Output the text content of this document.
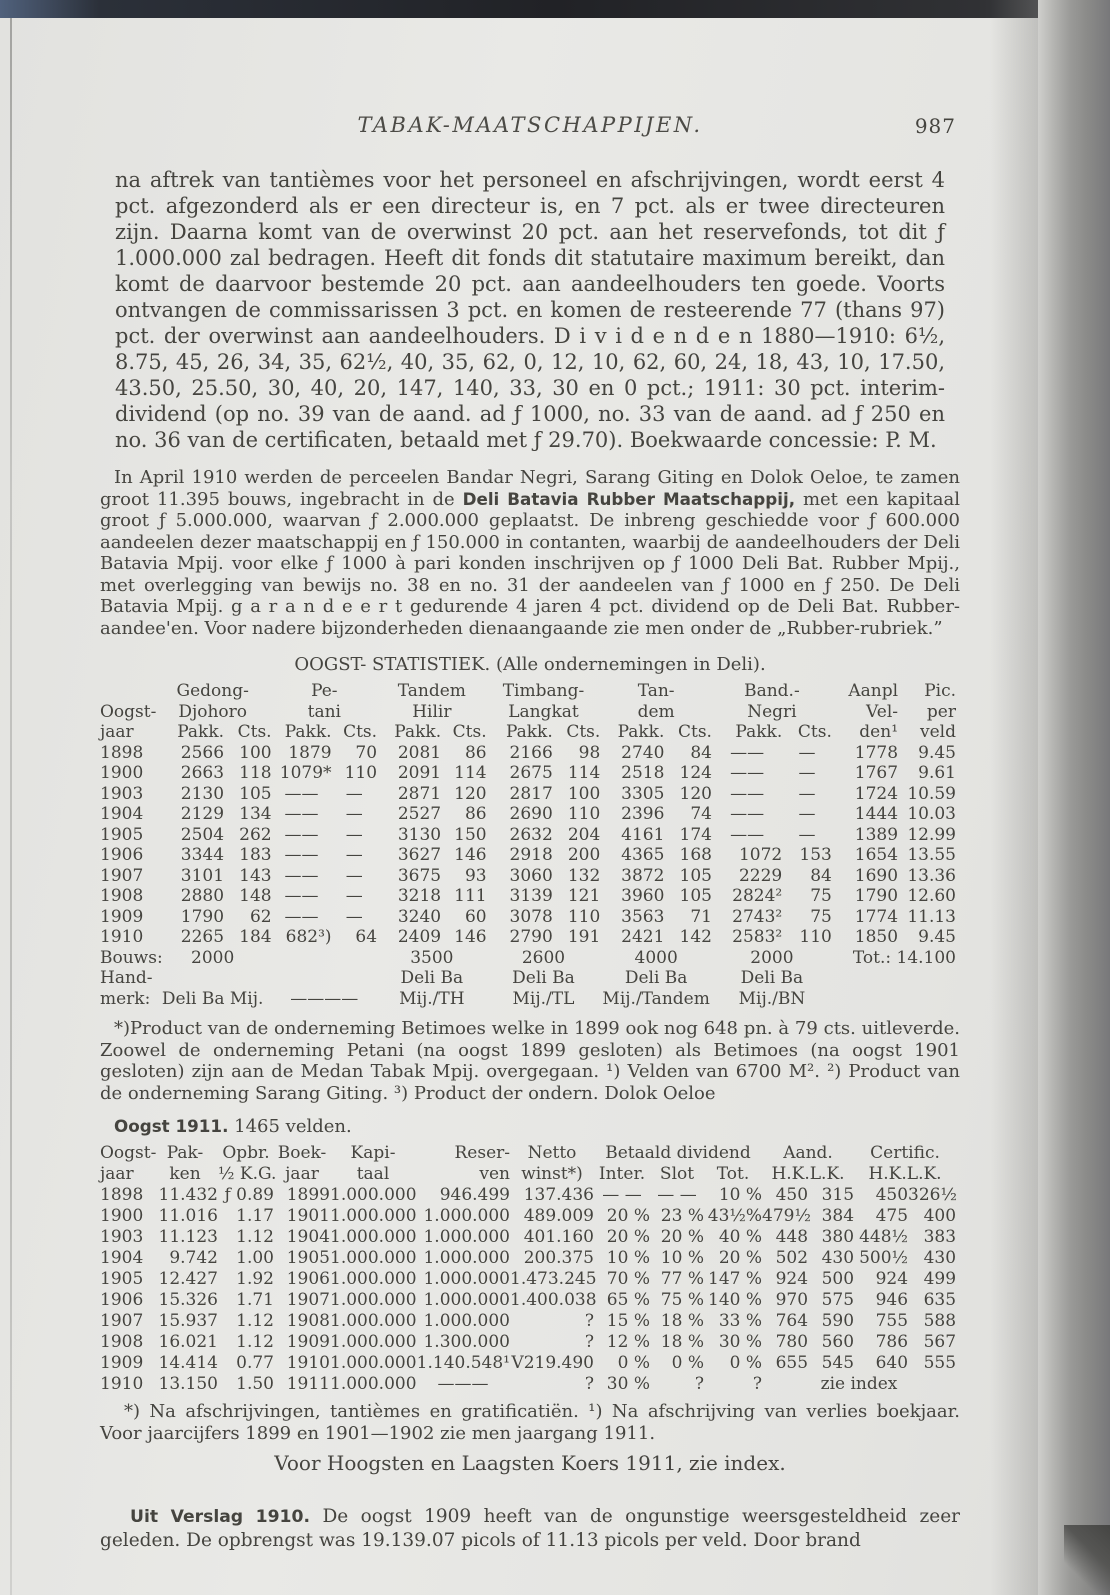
TABAK-MAATSCHAPPIJEN.	987

na aftrek van tantièmes voor het personeel en afschrijvingen, wordt eerst 4 pct. afgezonderd als er een directeur is, en 7 pct. als er twee directeuren zijn. Daarna komt van de overwinst 20 pct. aan het reservefonds, tot dit ƒ 1.000.000 zal bedragen. Heeft dit fonds dit statutaire maximum bereikt, dan komt de daarvoor bestemde 20 pct. aan aandeelhouders ten goede. Voorts ontvangen de commissarissen 3 pct. en komen de resteerende 77 (thans 97) pct. der overwinst aan aandeelhouders. D i v i d e n d e n 1880—1910: 6½, 8.75, 45, 26, 34, 35, 62½, 40, 35, 62, 0, 12, 10, 62, 60, 24, 18, 43, 10, 17.50, 43.50, 25.50, 30, 40, 20, 147, 140, 33, 30 en 0 pct.; 1911: 30 pct. interim-dividend (op no. 39 van de aand. ad ƒ 1000, no. 33 van de aand. ad ƒ 250 en no. 36 van de certificaten, betaald met ƒ 29.70). Boekwaarde concessie: P. M.

In April 1910 werden de perceelen Bandar Negri, Sarang Giting en Dolok Oeloe, te zamen groot 11.395 bouws, ingebracht in de Deli Batavia Rubber Maatschappij, met een kapitaal groot ƒ 5.000.000, waarvan ƒ 2.000.000 geplaatst. De inbreng geschiedde voor ƒ 600.000 aandeelen dezer maatschappij en ƒ 150.000 in contanten, waarbij de aandeelhouders der Deli Batavia Mpij. voor elke ƒ 1000 à pari konden inschrijven op ƒ 1000 Deli Bat. Rubber Mpij., met overlegging van bewijs no. 38 en no. 31 der aandeelen van ƒ 1000 en ƒ 250. De Deli Batavia Mpij. g a r a n d e e r t gedurende 4 jaren 4 pct. dividend op de Deli Bat. Rubber-aandee'en. Voor nadere bijzonderheden dienaangaande zie men onder de „Rubber-rubriek.”

OOGST- STATISTIEK. (Alle ondernemingen in Deli).
	Gedong-		Pe-		Tandem		Timbang-		Tan-		Band.-		Aanpl	Pic.
Oogst-	Djohoro		tani		Hilir		Langkat		dem		Negri		Vel-	per
jaar	Pakk.	Cts.	Pakk.	Cts.	Pakk.	Cts.	Pakk.	Cts.	Pakk.	Cts.	Pakk.	Cts.	den¹	veld
1898	2566	100	1879	70	2081	86	2166	98	2740	84	——	—	1778	9.45
1900	2663	118	1079*	110	2091	114	2675	114	2518	124	——	—	1767	9.61
1903	2130	105	——	—	2871	120	2817	100	3305	120	——	—	1724	10.59
1904	2129	134	——	—	2527	86	2690	110	2396	74	——	—	1444	10.03
1905	2504	262	——	—	3130	150	2632	204	4161	174	——	—	1389	12.99
1906	3344	183	——	—	3627	146	2918	200	4365	168	1072	153	1654	13.55
1907	3101	143	——	—	3675	93	3060	132	3872	105	2229	84	1690	13.36
1908	2880	148	——	—	3218	111	3139	121	3960	105	2824²	75	1790	12.60
1909	1790	62	——	—	3240	60	3078	110	3563	71	2743²	75	1774	11.13
1910	2265	184	682³)	64	2409	146	2790	191	2421	142	2583²	110	1850	9.45
Bouws:	2000				3500		2600		4000		2000		Tot.: 14.100	
Hand-					Deli Ba		Deli Ba		Deli Ba		Deli Ba			
merk:	Deli Ba Mij.		————		Mij./TH		Mij./TL		Mij./Tandem		Mij./BN			

*)Product van de onderneming Betimoes welke in 1899 ook nog 648 pn. à 79 cts. uitleverde. Zoowel de onderneming Petani (na oogst 1899 gesloten) als Betimoes (na oogst 1901 gesloten) zijn aan de Medan Tabak Mpij. overgegaan. ¹) Velden van 6700 M². ²) Product van de onderneming Sarang Giting. ³) Product der ondern. Dolok Oeloe

Oogst 1911. 1465 velden.

Oogst-	Pak-	Opbr.	Boek-	Kapi-	Reser-	Netto	Betaald dividend			Aand.		Certific.	
jaar	ken	½ K.G.	jaar	taal	ven	winst*)	Inter.	Slot	Tot.	H.K.L.K.		H.K.L.K.	
1898	11.432	ƒ 0.89	1899	1.000.000	946.499	137.436	— —	— —	10 %	450	315	450	326½
1900	11.016	1.17	1901	1.000.000	1.000.000	489.009	20 %	23 %	43½%	479½	384	475	400
1903	11.123	1.12	1904	1.000.000	1.000.000	401.160	20 %	20 %	40 %	448	380	448½	383
1904	9.742	1.00	1905	1.000.000	1.000.000	200.375	10 %	10 %	20 %	502	430	500½	430
1905	12.427	1.92	1906	1.000.000	1.000.000	1.473.245	70 %	77 %	147 %	924	500	924	499
1906	15.326	1.71	1907	1.000.000	1.000.000	1.400.038	65 %	75 %	140 %	970	575	946	635
1907	15.937	1.12	1908	1.000.000	1.000.000	?	15 %	18 %	33 %	764	590	755	588
1908	16.021	1.12	1909	1.000.000	1.300.000	?	12 %	18 %	30 %	780	560	786	567
1909	14.414	0.77	1910	1.000.000	1.140.548¹	V219.490	0 %	0 %	0 %	655	545	640	555
1910	13.150	1.50	1911	1.000.000	———	?	30 %	?	?	zie index			

*) Na afschrijvingen, tantièmes en gratificatiën. ¹) Na afschrijving van verlies boekjaar. Voor jaarcijfers 1899 en 1901—1902 zie men jaargang 1911.

Voor Hoogsten en Laagsten Koers 1911, zie index.

Uit Verslag 1910. De oogst 1909 heeft van de ongunstige weersgesteldheid zeer geleden. De opbrengst was 19.139.07 picols of 11.13 picols per veld. Door brand
